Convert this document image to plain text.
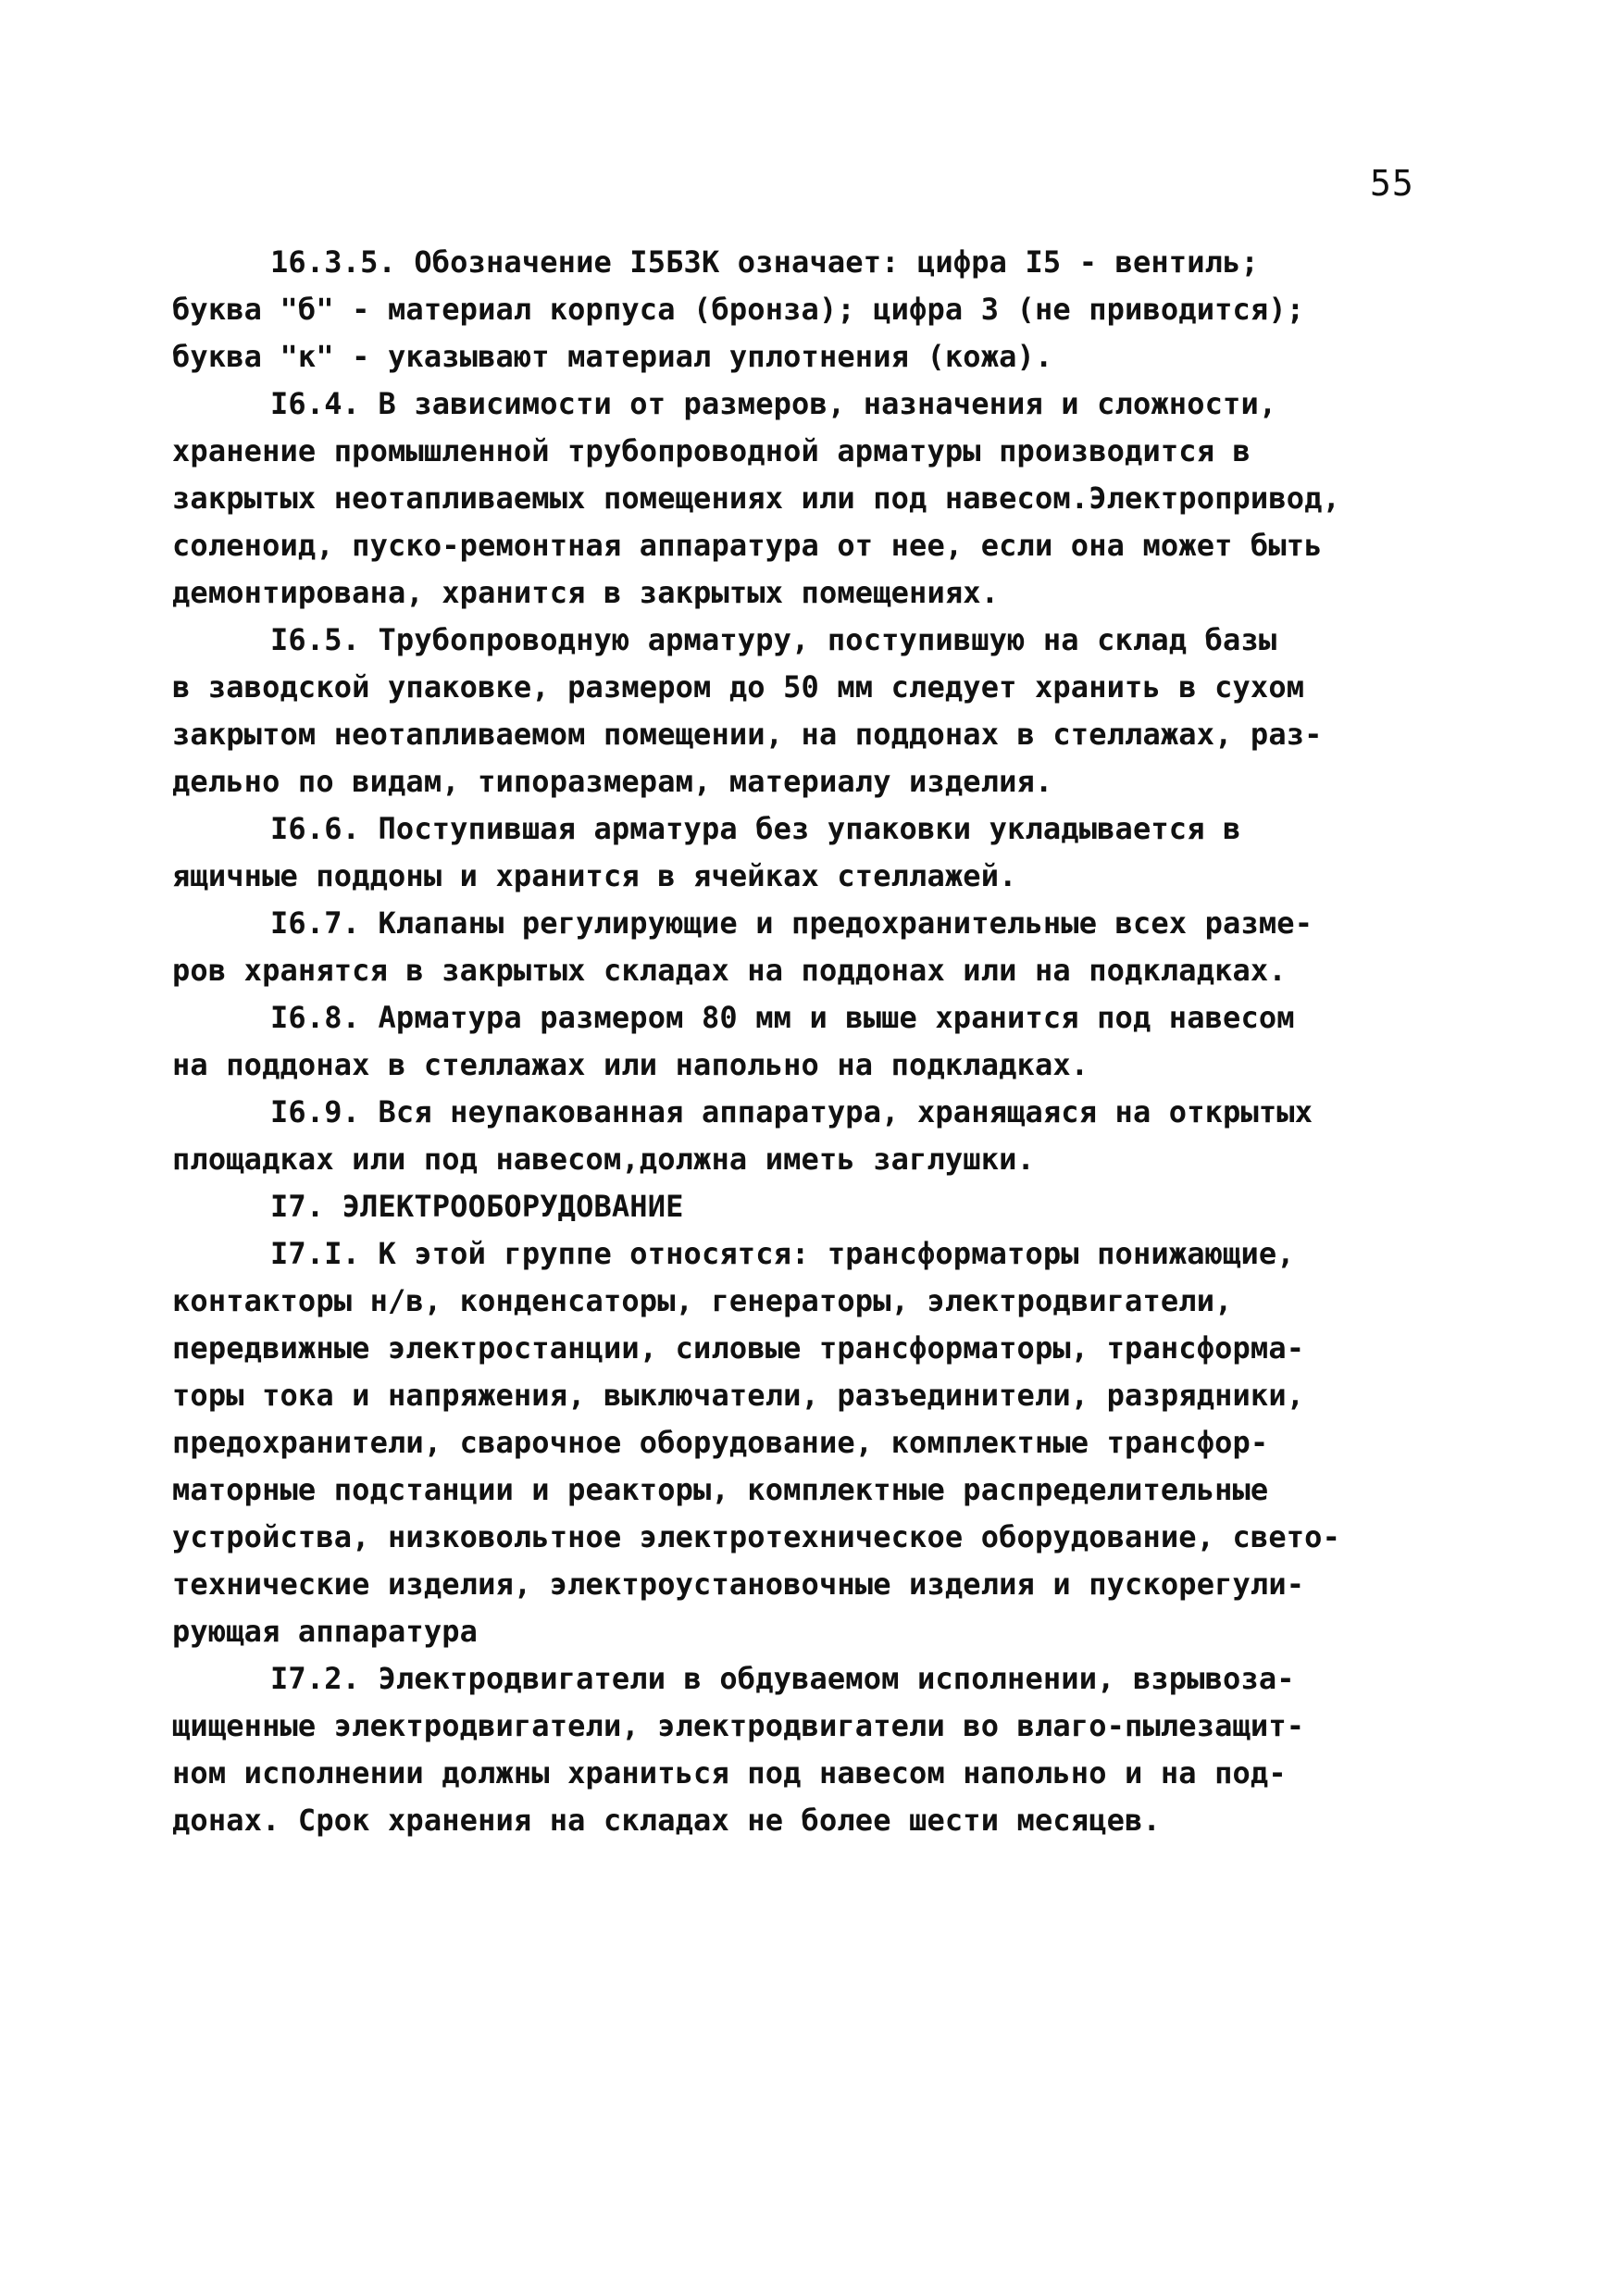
55
16.3.5. Обозначение I5Б3К означает: цифра I5 - вентиль;
буква "б" - материал корпуса (бронза); цифра 3 (не приводится);
буква "к" - указывают материал уплотнения (кожа).
I6.4. В зависимости от размеров, назначения и сложности,
хранение промышленной трубопроводной арматуры производится в
закрытых неотапливаемых помещениях или под навесом.Электропривод,
соленоид, пуско-ремонтная аппаратура от нее, если она может быть
демонтирована, хранится в закрытых помещениях.
I6.5. Трубопроводную арматуру, поступившую на склад базы
в заводской упаковке, размером до 50 мм следует хранить в сухом
закрытом неотапливаемом помещении, на поддонах в стеллажах, раз-
дельно по видам, типоразмерам, материалу изделия.
I6.6. Поступившая арматура без упаковки укладывается в
ящичные поддоны и хранится в ячейках стеллажей.
I6.7. Клапаны регулирующие и предохранительные всех разме-
ров хранятся в закрытых складах на поддонах или на подкладках.
I6.8. Арматура размером 80 мм и выше хранится под навесом
на поддонах в стеллажах или напольно на подкладках.
I6.9. Вся неупакованная аппаратура, хранящаяся на открытых
площадках или под навесом,должна иметь заглушки.
I7. ЭЛЕКТРООБОРУДОВАНИЕ
I7.I. К этой группе относятся: трансформаторы понижающие,
контакторы н/в, конденсаторы, генераторы, электродвигатели,
передвижные электростанции, силовые трансформаторы, трансформа-
торы тока и напряжения, выключатели, разъединители, разрядники,
предохранители, сварочное оборудование, комплектные трансфор-
маторные подстанции и реакторы, комплектные распределительные
устройства, низковольтное электротехническое оборудование, свето-
технические изделия, электроустановочные изделия и пускорегули-
рующая аппаратура
I7.2. Электродвигатели в обдуваемом исполнении, взрывоза-
щищенные электродвигатели, электродвигатели во влаго-пылезащит-
ном исполнении должны храниться под навесом напольно и на под-
донах. Срок хранения на складах не более шести месяцев.
